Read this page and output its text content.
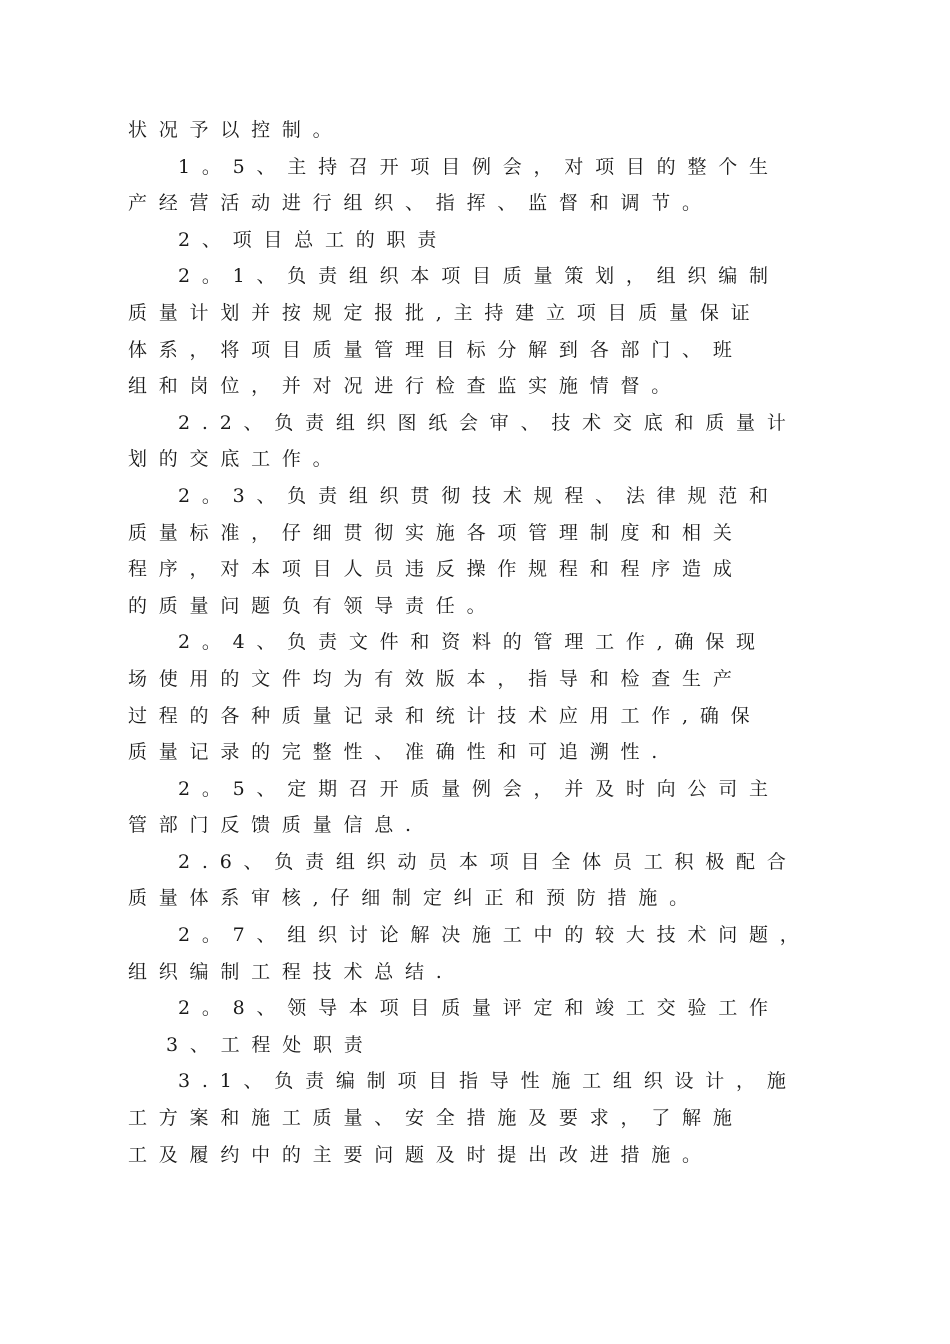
状况予以控制。
1。5、主持召开项目例会，对项目的整个生
产经营活动进行组织、指挥、监督和调节。
2、项目总工的职责
2。1、负责组织本项目质量策划，组织编制
质量计划并按规定报批,主持建立项目质量保证
体系，将项目质量管理目标分解到各部门、班
组和岗位，并对况进行检查监实施情督。
2.2、负责组织图纸会审、技术交底和质量计
划的交底工作。
2。3、负责组织贯彻技术规程、法律规范和
质量标准，仔细贯彻实施各项管理制度和相关
程序，对本项目人员违反操作规程和程序造成
的质量问题负有领导责任。
2。4、负责文件和资料的管理工作,确保现
场使用的文件均为有效版本，指导和检查生产
过程的各种质量记录和统计技术应用工作,确保
质量记录的完整性、准确性和可追溯性.
2。5、定期召开质量例会，并及时向公司主
管部门反馈质量信息.
2.6、负责组织动员本项目全体员工积极配合
质量体系审核,仔细制定纠正和预防措施。
2。7、组织讨论解决施工中的较大技术问题，
组织编制工程技术总结.
2。8、领导本项目质量评定和竣工交验工作
3、工程处职责
3.1、负责编制项目指导性施工组织设计，施
工方案和施工质量、安全措施及要求，了解施
工及履约中的主要问题及时提出改进措施。
